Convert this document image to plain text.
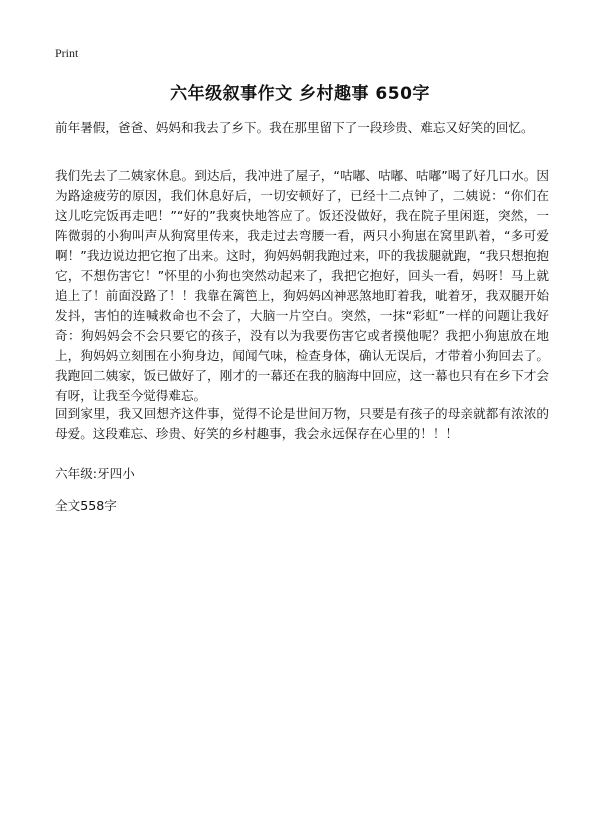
Print
六年级叙事作文 乡村趣事 650字

前年暑假，爸爸、妈妈和我去了乡下。我在那里留下了一段珍贵、难忘又好笑的回忆。

我们先去了二姨家休息。到达后，我冲进了屋子，“咕嘟、咕嘟、咕嘟”喝了好几口水。因为路途疲劳的原因，我们休息好后，一切安顿好了，已经十二点钟了，二姨说：“你们在这儿吃完饭再走吧！”“好的”我爽快地答应了。饭还没做好，我在院子里闲逛，突然，一阵微弱的小狗叫声从狗窝里传来，我走过去弯腰一看，两只小狗崽在窝里趴着，“多可爱啊！”我边说边把它抱了出来。这时，狗妈妈朝我跑过来，吓的我拔腿就跑，“我只想抱抱它，不想伤害它！”怀里的小狗也突然动起来了，我把它抱好，回头一看，妈呀！马上就追上了！前面没路了！！我靠在篱笆上，狗妈妈凶神恶煞地盯着我，呲着牙，我双腿开始发抖，害怕的连喊救命也不会了，大脑一片空白。突然，一抹“彩虹”一样的问题让我好奇：狗妈妈会不会只要它的孩子，没有以为我要伤害它或者摸他呢？我把小狗崽放在地上，狗妈妈立刻围在小狗身边，闻闻气味，检查身体，确认无误后，才带着小狗回去了。我跑回二姨家，饭已做好了，刚才的一幕还在我的脑海中回应，这一幕也只有在乡下才会有呀，让我至今觉得难忘。

回到家里，我又回想齐这件事，觉得不论是世间万物，只要是有孩子的母亲就都有浓浓的母爱。这段难忘、珍贵、好笑的乡村趣事，我会永远保存在心里的！！！

六年级:牙四小

全文558字
